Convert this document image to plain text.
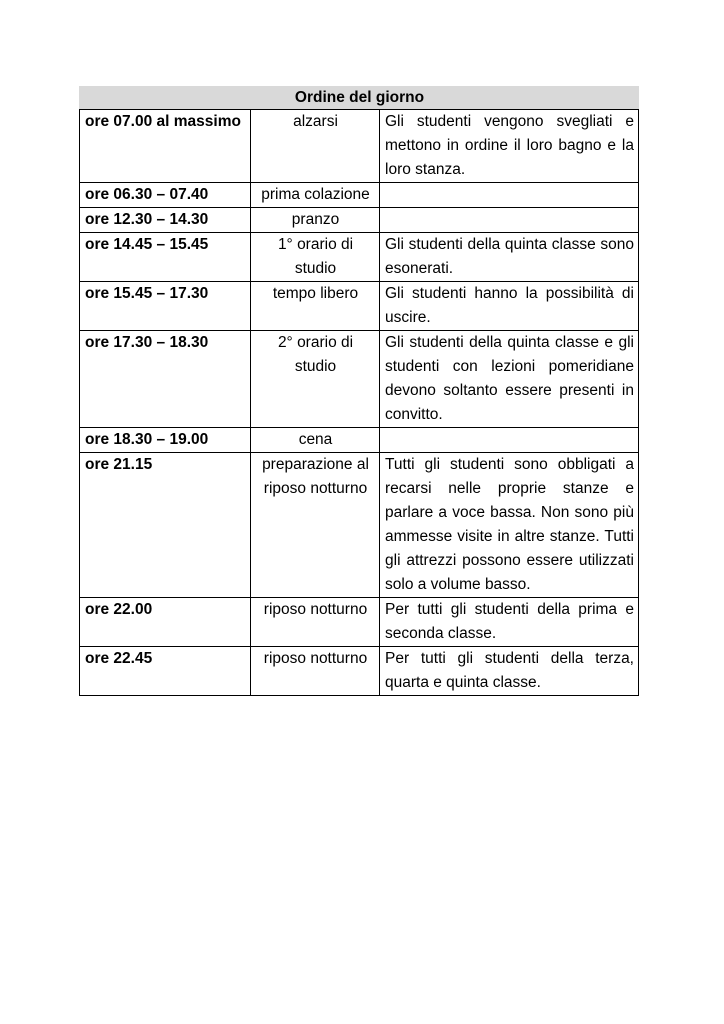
Ordine del giorno		
ore 07.00 al massimo	alzarsi	Gli studenti vengono svegliati e mettono in ordine il loro bagno e la loro stanza.
ore 06.30 – 07.40	prima colazione	
ore 12.30 – 14.30	pranzo	
ore 14.45 – 15.45	1° orario di studio	Gli studenti della quinta classe sono esonerati.
ore 15.45 – 17.30	tempo libero	Gli studenti hanno la possibilità di uscire.
ore 17.30 – 18.30	2° orario di studio	Gli studenti della quinta classe e gli studenti con lezioni pomeridiane devono soltanto essere presenti in convitto.
ore 18.30 – 19.00	cena	
ore 21.15	preparazione al riposo notturno	Tutti gli studenti sono obbligati a recarsi nelle proprie stanze e parlare a voce bassa. Non sono più ammesse visite in altre stanze. Tutti gli attrezzi possono essere utilizzati solo a volume basso.
ore 22.00	riposo notturno	Per tutti gli studenti della prima e seconda classe.
ore 22.45	riposo notturno	Per tutti gli studenti della terza, quarta e quinta classe.
